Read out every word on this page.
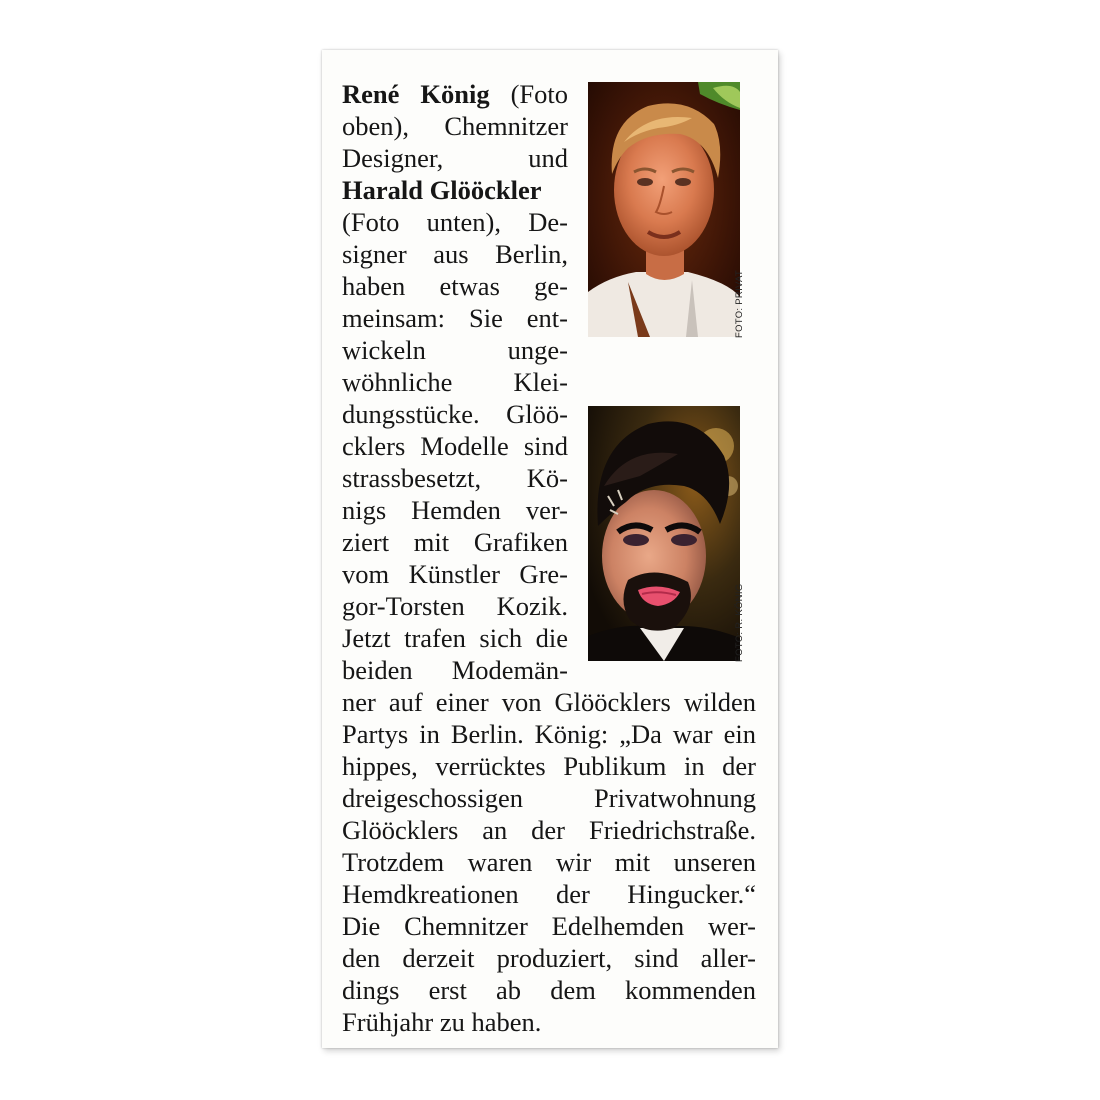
René König (Foto
oben), Chemnitzer
Designer, und
Harald Glööckler
(Foto unten), De-
signer aus Berlin,
haben etwas ge-
meinsam: Sie ent-
wickeln unge-
wöhnliche Klei-
dungsstücke. Glöö-
cklers Modelle sind
strassbesetzt, Kö-
nigs Hemden ver-
ziert mit Grafiken
vom Künstler Gre-
gor-Torsten Kozik.
Jetzt trafen sich die
beiden Modemän-
ner auf einer von Glööcklers wilden
Partys in Berlin. König: „Da war ein
hippes, verrücktes Publikum in der
dreigeschossigen Privatwohnung
Glööcklers an der Friedrichstraße.
Trotzdem waren wir mit unseren
Hemdkreationen der Hingucker.“
Die Chemnitzer Edelhemden wer-
den derzeit produziert, sind aller-
dings erst ab dem kommenden
Frühjahr zu haben.
FOTO: PRIVAT
FOTO: R. KÖNIG
